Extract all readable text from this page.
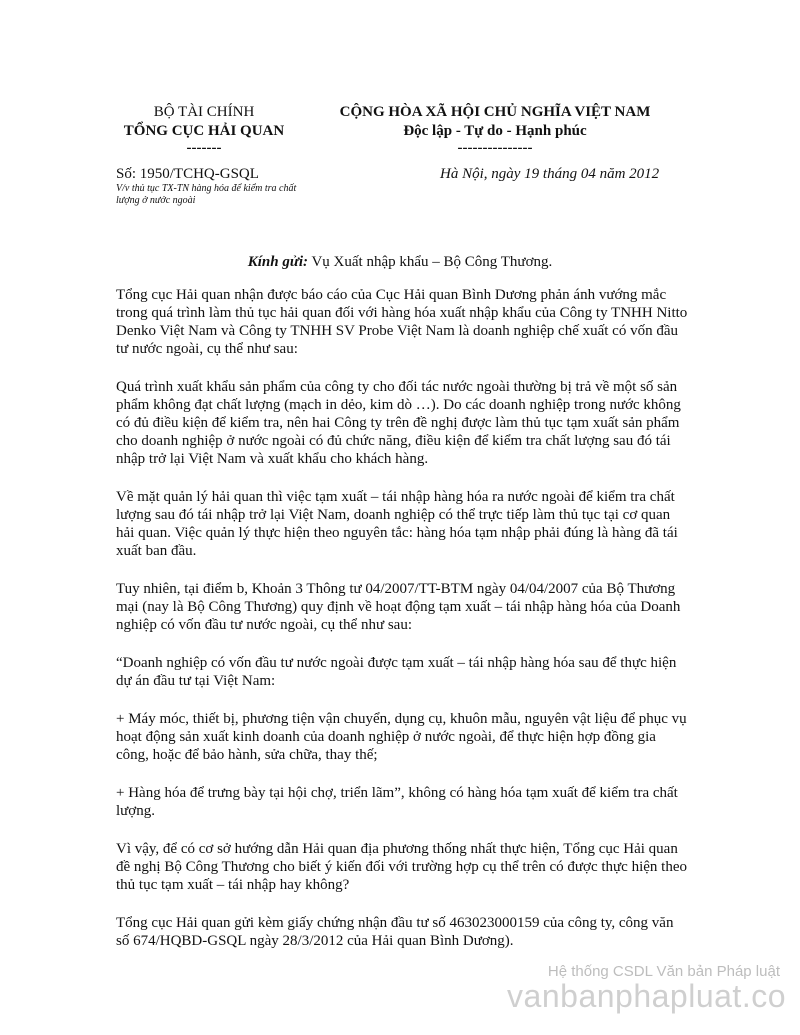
BỘ TÀI CHÍNH
TỔNG CỤC HẢI QUAN
-------
CỘNG HÒA XÃ HỘI CHỦ NGHĨA VIỆT NAM
Độc lập - Tự do - Hạnh phúc
---------------
Số: 1950/TCHQ-GSQL
V/v thủ tục TX-TN hàng hóa để kiểm tra chất lượng ở nước ngoài
Hà Nội, ngày 19 tháng 04 năm 2012
Kính gửi: Vụ Xuất nhập khẩu – Bộ Công Thương.

Tổng cục Hải quan nhận được báo cáo của Cục Hải quan Bình Dương phản ánh vướng mắc trong quá trình làm thủ tục hải quan đối với hàng hóa xuất nhập khẩu của Công ty TNHH Nitto Denko Việt Nam và Công ty TNHH SV Probe Việt Nam là doanh nghiệp chế xuất có vốn đầu tư nước ngoài, cụ thể như sau:

Quá trình xuất khẩu sản phẩm của công ty cho đối tác nước ngoài thường bị trả về một số sản phẩm không đạt chất lượng (mạch in dẻo, kim dò …). Do các doanh nghiệp trong nước không có đủ điều kiện để kiểm tra, nên hai Công ty trên đề nghị được làm thủ tục tạm xuất sản phẩm cho doanh nghiệp ở nước ngoài có đủ chức năng, điều kiện để kiểm tra chất lượng sau đó tái nhập trở lại Việt Nam và xuất khẩu cho khách hàng.

Về mặt quản lý hải quan thì việc tạm xuất – tái nhập hàng hóa ra nước ngoài để kiểm tra chất lượng sau đó tái nhập trở lại Việt Nam, doanh nghiệp có thể trực tiếp làm thủ tục tại cơ quan hải quan. Việc quản lý thực hiện theo nguyên tắc: hàng hóa tạm nhập phải đúng là hàng đã tái xuất ban đầu.

Tuy nhiên, tại điểm b, Khoản 3 Thông tư 04/2007/TT-BTM ngày 04/04/2007 của Bộ Thương mại (nay là Bộ Công Thương) quy định về hoạt động tạm xuất – tái nhập hàng hóa của Doanh nghiệp có vốn đầu tư nước ngoài, cụ thể như sau:

“Doanh nghiệp có vốn đầu tư nước ngoài được tạm xuất – tái nhập hàng hóa sau để thực hiện dự án đầu tư tại Việt Nam:

+ Máy móc, thiết bị, phương tiện vận chuyển, dụng cụ, khuôn mẫu, nguyên vật liệu để phục vụ hoạt động sản xuất kinh doanh của doanh nghiệp ở nước ngoài, để thực hiện hợp đồng gia công, hoặc để bảo hành, sửa chữa, thay thế;

+ Hàng hóa để trưng bày tại hội chợ, triển lãm”, không có hàng hóa tạm xuất để kiểm tra chất lượng.

Vì vậy, để có cơ sở hướng dẫn Hải quan địa phương thống nhất thực hiện, Tổng cục Hải quan đề nghị Bộ Công Thương cho biết ý kiến đối với trường hợp cụ thể trên có được thực hiện theo thủ tục tạm xuất – tái nhập hay không?

Tổng cục Hải quan gửi kèm giấy chứng nhận đầu tư số 463023000159 của công ty, công văn số 674/HQBD-GSQL ngày 28/3/2012 của Hải quan Bình Dương).

Hệ thống CSDL Văn bản Pháp luật
vanbanphapluat.co
